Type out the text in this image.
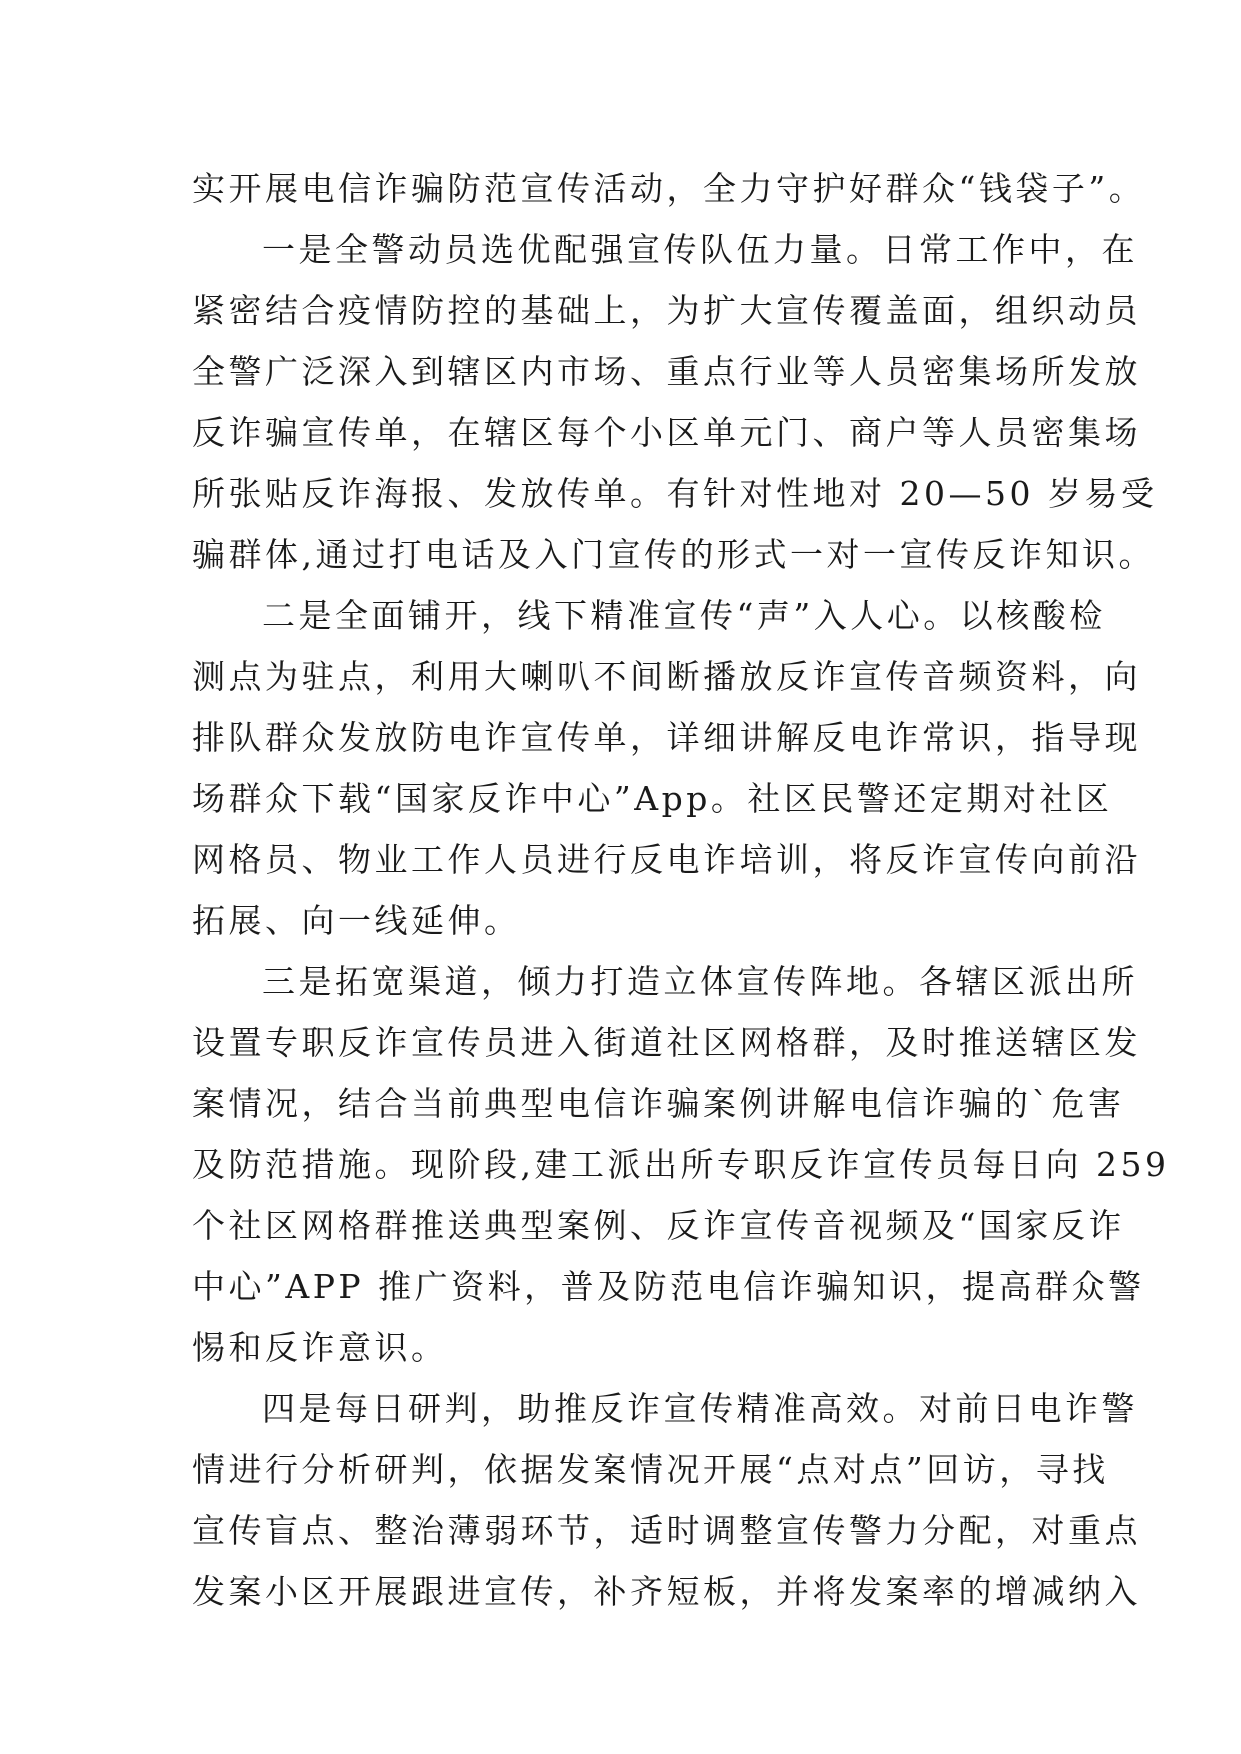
实开展电信诈骗防范宣传活动，全力守护好群众“钱袋子”。
一是全警动员选优配强宣传队伍力量。日常工作中，在
紧密结合疫情防控的基础上，为扩大宣传覆盖面，组织动员
全警广泛深入到辖区内市场、重点行业等人员密集场所发放
反诈骗宣传单，在辖区每个小区单元门、商户等人员密集场
所张贴反诈海报、发放传单。有针对性地对 20—50 岁易受
骗群体,通过打电话及入门宣传的形式一对一宣传反诈知识。
二是全面铺开，线下精准宣传“声”入人心。以核酸检
测点为驻点，利用大喇叭不间断播放反诈宣传音频资料，向
排队群众发放防电诈宣传单，详细讲解反电诈常识，指导现
场群众下载“国家反诈中心”App。社区民警还定期对社区
网格员、物业工作人员进行反电诈培训，将反诈宣传向前沿
拓展、向一线延伸。
三是拓宽渠道，倾力打造立体宣传阵地。各辖区派出所
设置专职反诈宣传员进入街道社区网格群，及时推送辖区发
案情况，结合当前典型电信诈骗案例讲解电信诈骗的`危害
及防范措施。现阶段,建工派出所专职反诈宣传员每日向 259
个社区网格群推送典型案例、反诈宣传音视频及“国家反诈
中心”APP 推广资料，普及防范电信诈骗知识，提高群众警
惕和反诈意识。
四是每日研判，助推反诈宣传精准高效。对前日电诈警
情进行分析研判，依据发案情况开展“点对点”回访，寻找
宣传盲点、整治薄弱环节，适时调整宣传警力分配，对重点
发案小区开展跟进宣传，补齐短板，并将发案率的增减纳入
